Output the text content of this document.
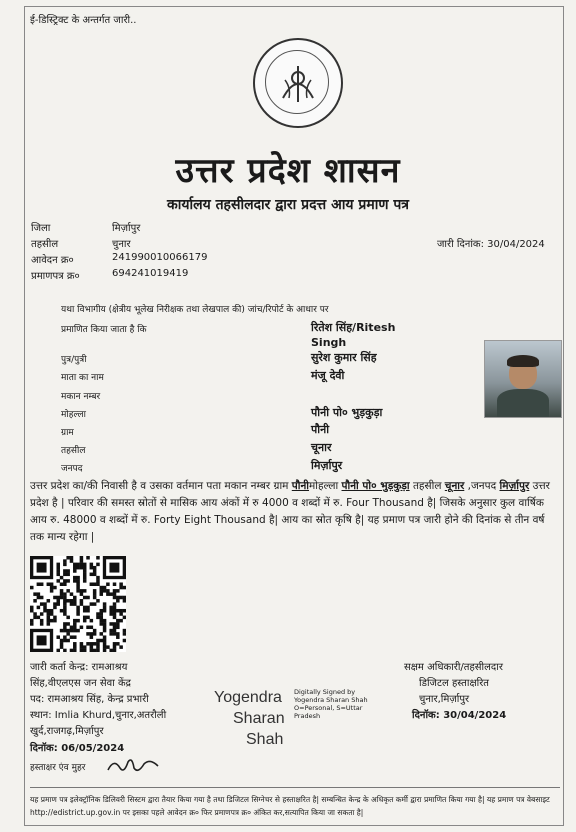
ई-डिस्ट्रिक्ट के अन्तर्गत जारी..
उत्तर प्रदेश शासन
कार्यालय तहसीलदार द्वारा प्रदत्त आय प्रमाण पत्र
जिला	मिर्ज़ापुर
तहसील	चुनार
आवेदन क्र०	241990010066179
प्रमाणपत्र क्र०	694241019419
जारी दिनांक: 30/04/2024
यथा विभागीय (क्षेत्रीय भूलेख निरीक्षक तथा लेखपाल की) जांच/रिपोर्ट के आधार पर
प्रमाणित किया जाता है कि	रितेश सिंह/Ritesh
Singh
पुत्र/पुत्री	सुरेश कुमार सिंह
माता का नाम	मंजू देवी
मकान नम्बर
मोहल्ला	पौनी पो० भुड़कुड़ा
ग्राम	पौनी
तहसील	चूनार
जनपद	मिर्ज़ापुर
उत्तर प्रदेश का/की निवासी है व उसका वर्तमान पता मकान नम्बर ग्राम पौनीमोहल्ला पौनी पो० भुड़कुड़ा तहसील चूनार ,जनपद मिर्ज़ापुर उत्तर प्रदेश है | परिवार की समस्त स्रोतों से मासिक आय अंकों में रु 4000 व शब्दों में रु. Four Thousand है| जिसके अनुसार कुल वार्षिक आय रु. 48000 व शब्दों में रु. Forty Eight Thousand है| आय का स्रोत कृषि है| यह प्रमाण पत्र जारी होने की दिनांक से तीन वर्ष तक मान्य रहेगा |
जारी कर्ता केन्द्र: रामआश्रय
सिंह,वीएलएस जन सेवा केंद्र
पद: रामआश्रय सिंह, केन्द्र प्रभारी
स्थान: Imlia Khurd,चुनार,अतरौली
खुर्द,राजगढ़,मिर्ज़ापुर
दिनॉक: 06/05/2024
हस्ताक्षर एंव मुहर
Yogendra
Sharan
Shah
Digitally Signed by
Yogendra Sharan Shah
O=Personal, S=Uttar
Pradesh
सक्षम अधिकारी/तहसीलदार
डिजिटल हस्ताक्षरित
चुनार,मिर्ज़ापुर
दिनॉक: 30/04/2024
यह प्रमाण पत्र इलेक्ट्रॉनिक डिलिवरी सिस्टम द्वारा तैयार किया गया है तथा डिजिटल सिग्नेचर से हस्ताक्षरित है| सम्बन्धित केन्द्र के अधिकृत कर्मी द्वारा प्रमाणित किया गया है| यह प्रमाण पत्र वेबसाइट http://edistrict.up.gov.in पर इसका पहले आवेदन क्र० फिर प्रमाणपत्र क्र० अंकित कर,सत्यापित किया जा सकता है|
